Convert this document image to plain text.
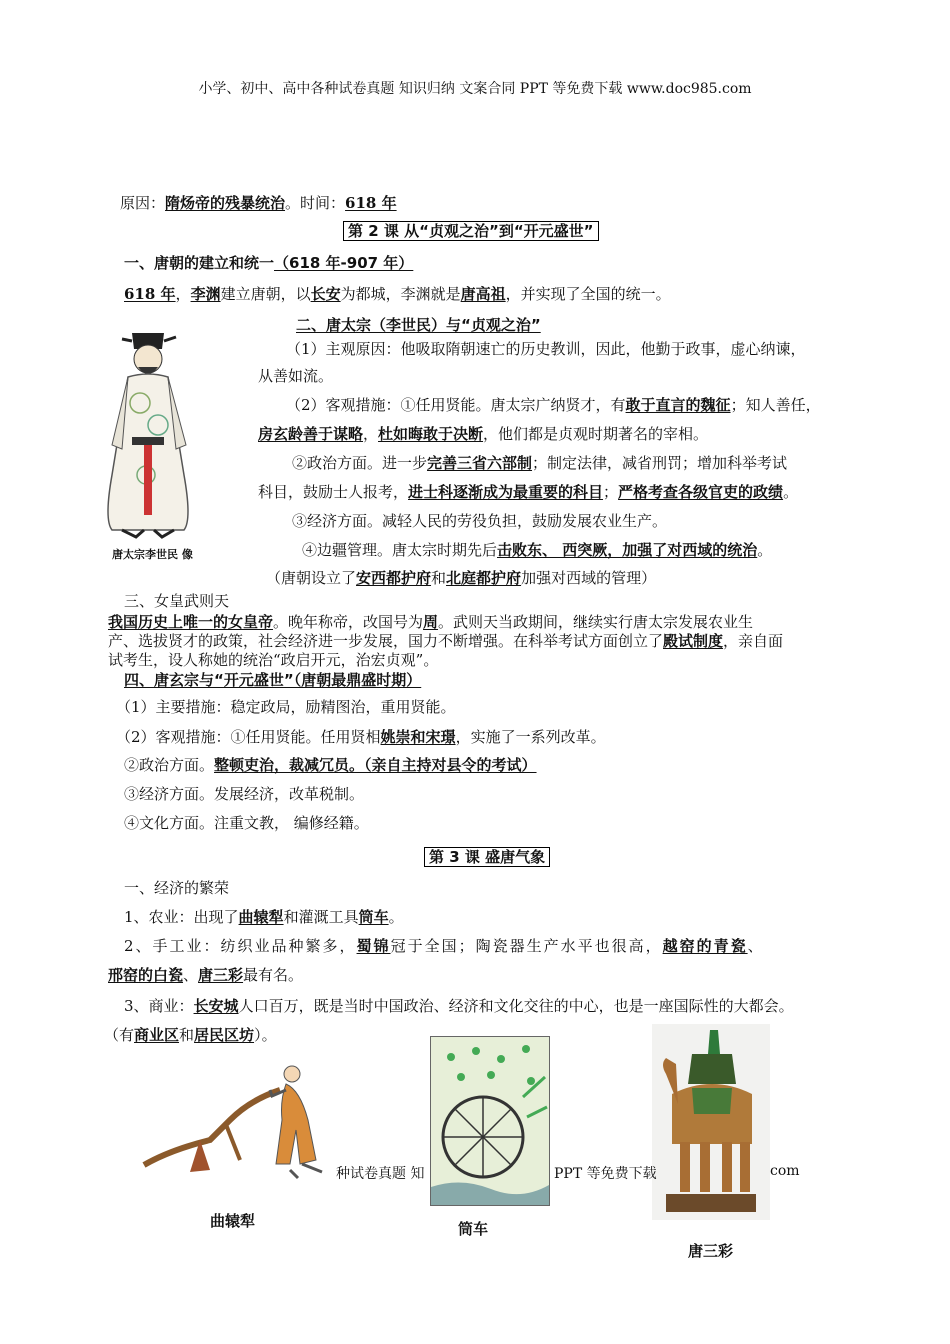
小学、初中、高中各种试卷真题 知识归纳 文案合同 PPT 等免费下载 www.doc985.com
原因：隋炀帝的残暴统治。时间：618 年
第 2 课 从“贞观之治”到“开元盛世”
一、唐朝的建立和统一（618 年-907 年）
618 年，李渊建立唐朝，以长安为都城，李渊就是唐高祖，并实现了全国的统一。
唐太宗李世民 像
二、唐太宗（李世民）与“贞观之治”
（1）主观原因：他吸取隋朝速亡的历史教训，因此，他勤于政事，虚心纳谏，
从善如流。
（2）客观措施：①任用贤能。唐太宗广纳贤才，有敢于直言的魏征；知人善任，
房玄龄善于谋略，杜如晦敢于决断，他们都是贞观时期著名的宰相。
②政治方面。进一步完善三省六部制；制定法律，减省刑罚；增加科举考试
科目，鼓励士人报考，进士科逐渐成为最重要的科目；严格考查各级官吏的政绩。
③经济方面。减轻人民的劳役负担，鼓励发展农业生产。
④边疆管理。唐太宗时期先后击败东、 西突厥，加强了对西域的统治。
（唐朝设立了安西都护府和北庭都护府加强对西域的管理）
三、女皇武则天
我国历史上唯一的女皇帝。晚年称帝，改国号为周。武则天当政期间，继续实行唐太宗发展农业生
产、选拔贤才的政策，社会经济进一步发展，国力不断增强。在科举考试方面创立了殿试制度，亲自面
试考生，设人称她的统治“政启开元，治宏贞观”。
四、唐玄宗与“开元盛世”（唐朝最鼎盛时期）
（1）主要措施：稳定政局，励精图治，重用贤能。
（2）客观措施：①任用贤能。任用贤相姚崇和宋璟，实施了一系列改革。
②政治方面。整顿吏治，裁减冗员。（亲自主持对县令的考试）
③经济方面。发展经济，改革税制。
④文化方面。注重文教， 编修经籍。
第 3 课 盛唐气象
一、经济的繁荣
1、农业：出现了曲辕犁和灌溉工具筒车。
2、手工业：纺织业品种繁多，蜀锦冠于全国；陶瓷器生产水平也很高，越窑的青瓷、
邢窑的白瓷、唐三彩最有名。
3、商业：长安城人口百万，既是当时中国政治、经济和文化交往的中心，也是一座国际性的大都会。
（有商业区和居民区坊）。
曲辕犁	筒车
唐三彩
种试卷真题 知	PPT 等免费下载	com
